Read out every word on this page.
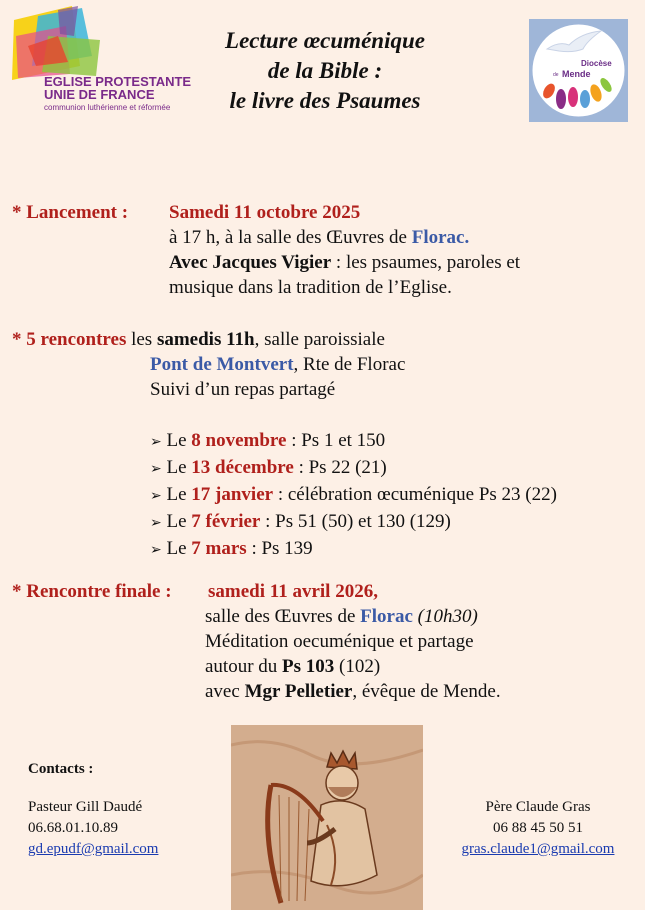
EGLISE PROTESTANTE
UNIE DE FRANCE
communion luthérienne et réformée
Lecture œcuménique
de la Bible :
le livre des Psaumes
Diocèse
de Mende
* Lancement : Samedi 11 octobre 2025
à 17 h, à la salle des Œuvres de Florac.
Avec Jacques Vigier : les psaumes, paroles et
musique dans la tradition de l’Eglise.
* 5 rencontres les samedis 11h, salle paroissiale
Pont de Montvert, Rte de Florac
Suivi d’un repas partagé
➢ Le 8 novembre : Ps 1 et 150
➢ Le 13 décembre : Ps 22 (21)
➢ Le 17 janvier : célébration œcuménique Ps 23 (22)
➢ Le 7 février : Ps 51 (50) et 130 (129)
➢ Le 7 mars : Ps 139
* Rencontre finale : samedi 11 avril 2026,
salle des Œuvres de Florac (10h30)
Méditation oecuménique et partage
autour du Ps 103 (102)
avec Mgr Pelletier, évêque de Mende.
Contacts :
Pasteur Gill Daudé
06.68.01.10.89
gd.epudf@gmail.com
Père Claude Gras
06 88 45 50 51
gras.claude1@gmail.com
